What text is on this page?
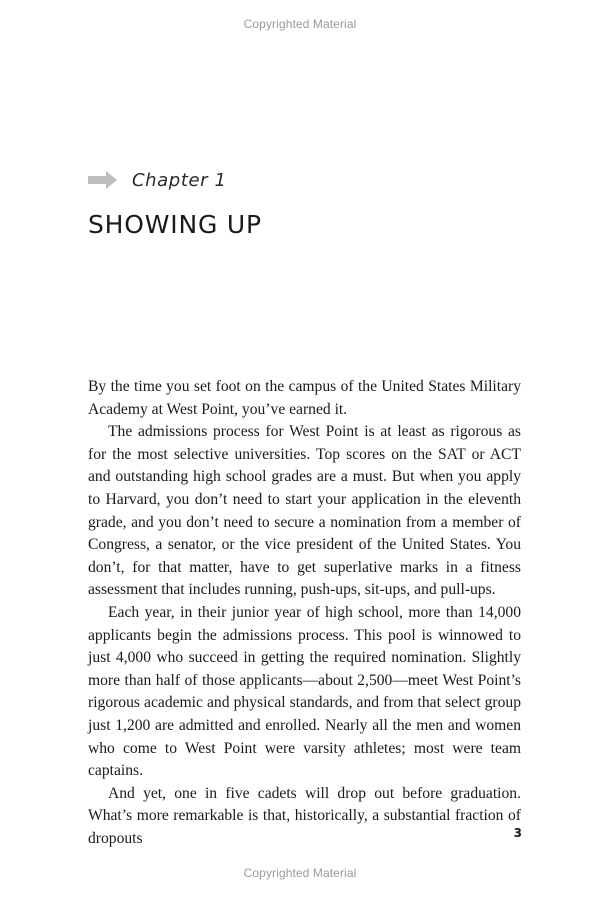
Copyrighted Material
Chapter 1
SHOWING UP

By the time you set foot on the campus of the United States Military Academy at West Point, you’ve earned it.

The admissions process for West Point is at least as rigorous as for the most selective universities. Top scores on the SAT or ACT and outstanding high school grades are a must. But when you apply to Harvard, you don’t need to start your application in the eleventh grade, and you don’t need to secure a nomination from a member of Congress, a senator, or the vice president of the United States. You don’t, for that matter, have to get superlative marks in a fitness assessment that includes running, push-ups, sit-ups, and pull-ups.

Each year, in their junior year of high school, more than 14,000 applicants begin the admissions process. This pool is winnowed to just 4,000 who succeed in getting the required nomination. Slightly more than half of those applicants—about 2,500—meet West Point’s rigorous academic and physical standards, and from that select group just 1,200 are admitted and enrolled. Nearly all the men and women who come to West Point were varsity athletes; most were team captains.

And yet, one in five cadets will drop out before graduation. What’s more remarkable is that, historically, a substantial fraction of dropouts	3
Copyrighted Material
